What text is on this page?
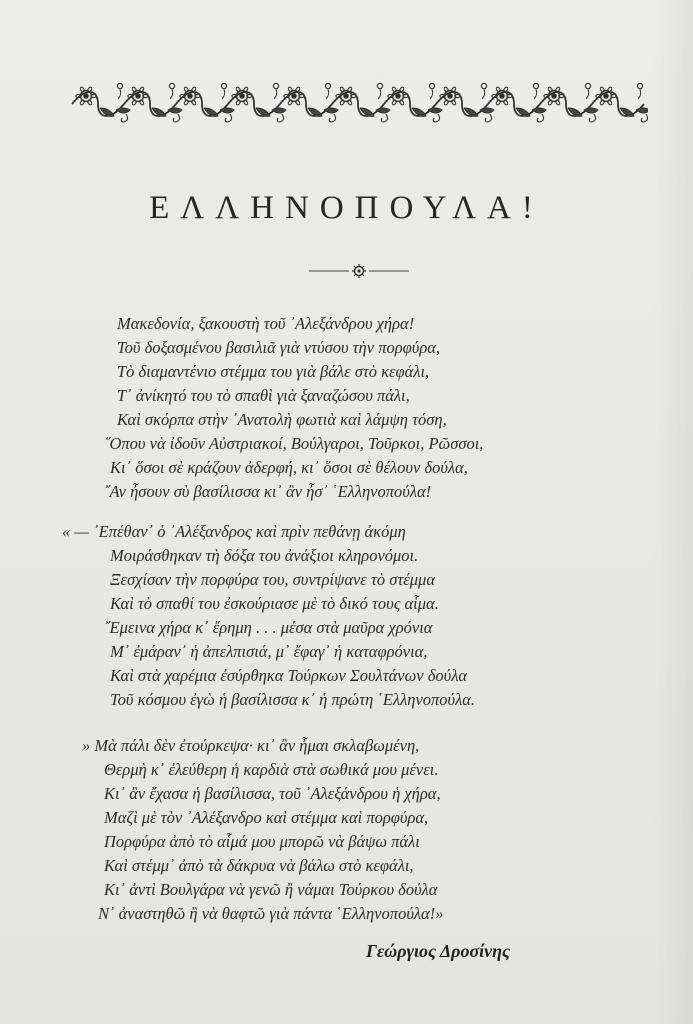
ΕΛΛΗΝΟΠΟΥΛΑ!
Μακεδονία, ξακουστὴ τοῦ ᾿Αλεξάνδρου χήρα!
Τοῦ δοξασμένου βασιλιᾶ γιὰ ντύσου τὴν πορφύρα,
Τὸ διαμαντένιο στέμμα του γιὰ βάλε στὸ κεφάλι,
Τ᾿ ἀνίκητό του τὸ σπαθὶ γιὰ ξαναζώσου πάλι,
Καὶ σκόρπα στὴν ᾿Ανατολὴ φωτιὰ καὶ λάμψη τόση,
῞Οπου νὰ ἰδοῦν Αὐστριακοί, Βούλγαροι, Τοῦρκοι, Ρῶσσοι,
Κι᾿ ὅσοι σὲ κράζουν ἀδερφή, κι᾿ ὅσοι σὲ θέλουν δούλα,
῎Αν ἦσουν σὺ βασίλισσα κι᾿ ἂν ἦσ᾿ ῾Ελληνοπούλα!
« — ᾿Επέθαν᾿ ὁ ᾿Αλέξανδρος καὶ πρὶν πεθάνῃ ἀκόμη
Μοιράσθηκαν τὴ δόξα του ἀνάξιοι κληρονόμοι.
Ξεσχίσαν τὴν πορφύρα του, συντρίψανε τὸ στέμμα
Καὶ τὸ σπαθί του ἐσκούριασε μὲ τὸ δικό τους αἷμα.
῎Εμεινα χήρα κ᾿ ἔρημη . . . μέσα στὰ μαῦρα χρόνια
Μ᾿ ἐμάραν᾿ ἡ ἀπελπισιά, μ᾿ ἔφαγ᾿ ἡ καταφρόνια,
Καὶ στὰ χαρέμια ἐσύρθηκα Τούρκων Σουλτάνων δούλα
Τοῦ κόσμου ἐγὼ ἡ βασίλισσα κ᾿ ἡ πρώτη ῾Ελληνοπούλα.
» Μὰ πάλι δὲν ἐτούρκεψα· κι᾿ ἂν ἦμαι σκλαβωμένη,
Θερμὴ κ᾿ ἐλεύθερη ἡ καρδιὰ στὰ σωθικά μου μένει.
Κι᾿ ἂν ἔχασα ἡ βασίλισσα, τοῦ ᾿Αλεξάνδρου ἡ χήρα,
Μαζὶ μὲ τὸν ᾿Αλέξανδρο καὶ στέμμα καὶ πορφύρα,
Πορφύρα ἀπὸ τὸ αἷμά μου μπορῶ νὰ βάψω πάλι
Καὶ στέμμ᾿ ἀπὸ τὰ δάκρυα νὰ βάλω στὸ κεφάλι,
Κι᾿ ἀντὶ Βουλγάρα νὰ γενῶ ἢ νάμαι Τούρκου δούλα
Ν᾿ ἀναστηθῶ ἢ νὰ θαφτῶ γιὰ πάντα ῾Ελληνοπούλα!»
Γεώργιος Δροσίνης
